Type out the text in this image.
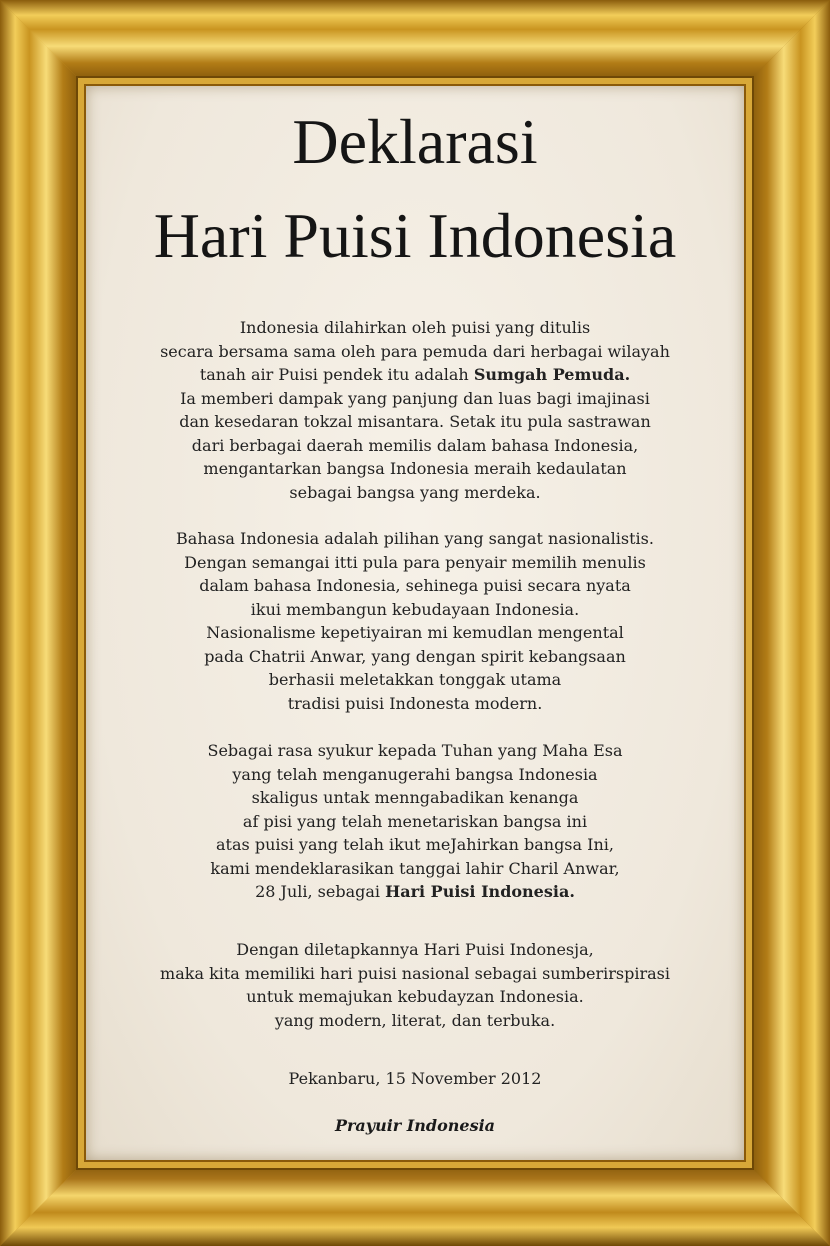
Deklarasi
Hari Puisi Indonesia

Indonesia dilahirkan oleh puisi yang ditulis
secara bersama sama oleh para pemuda dari herbagai wilayah
tanah air Puisi pendek itu adalah Sumgah Pemuda.
Ia memberi dampak yang panjung dan luas bagi imajinasi
dan kesedaran tokzal misantara. Setak itu pula sastrawan
dari berbagai daerah memilis dalam bahasa Indonesia,
mengantarkan bangsa Indonesia meraih kedaulatan
sebagai bangsa yang merdeka.

Bahasa Indonesia adalah pilihan yang sangat nasionalistis.
Dengan semangai itti pula para penyair memilih menulis
dalam bahasa Indonesia, sehinega puisi secara nyata
ikui membangun kebudayaan Indonesia.
Nasionalisme kepetiyairan mi kemudlan mengental
pada Chatrii Anwar, yang dengan spirit kebangsaan
berhasii meletakkan tonggak utama
tradisi puisi Indonesta modern.

Sebagai rasa syukur kepada Tuhan yang Maha Esa
yang telah menganugerahi bangsa Indonesia
skaligus untak menngabadikan kenanga
af pisi yang telah menetariskan bangsa ini
atas puisi yang telah ikut meJahirkan bangsa Ini,
kami mendeklarasikan tanggai lahir Charil Anwar,
28 Juli, sebagai Hari Puisi Indonesia.

Dengan diletapkannya Hari Puisi Indonesja,
maka kita memiliki hari puisi nasional sebagai sumberirspirasi
untuk memajukan kebudayzan Indonesia.
yang modern, literat, dan terbuka.

Pekanbaru, 15 November 2012

Prayuir Indonesia
